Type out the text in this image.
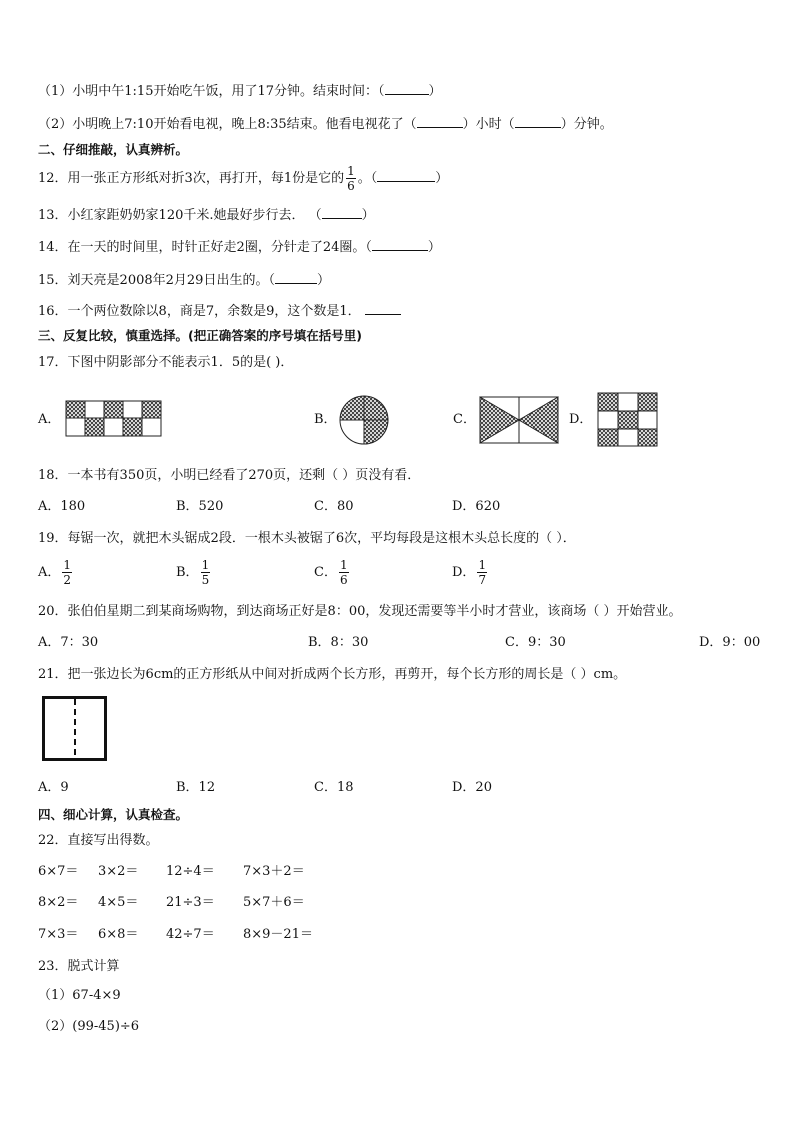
（1）小明中午1:15开始吃午饭，用了17分钟。结束时间：（	）
（2）小明晚上7:10开始看电视，晚上8:35结束。他看电视花了（	）小时（	）分钟。
二、仔细推敲，认真辨析。
12．用一张正方形纸对折3次，再打开，每1份是它的 $\frac{1}{6}$ 。（	）
13．小红家距奶奶家120千米.她最好步行去． （	）
14．在一天的时间里，时针正好走2圈，分针走了24圈。（	）
15．刘天亮是2008年2月29日出生的。（	）
16．一个两位数除以8，商是7，余数是9，这个数是1．
三、反复比较，慎重选择。(把正确答案的序号填在括号里)
17．下图中阴影部分不能表示1．5的是( )．
A．	B．	C．	D．
18．一本书有350页，小明已经看了270页，还剩（ ）页没有看．
A．180	B．520	C．80	D．620
19．每锯一次，就把木头锯成2段．一根木头被锯了6次，平均每段是这根木头总长度的（ ）．
A． $\frac{1}{2}$	B． $\frac{1}{5}$	C． $\frac{1}{6}$	D． $\frac{1}{7}$
20．张伯伯星期二到某商场购物，到达商场正好是8：00，发现还需要等半小时才营业，该商场（ ）开始营业。
A．7：30	B．8：30	C．9：30	D．9：00
21．把一张边长为6cm的正方形纸从中间对折成两个长方形，再剪开，每个长方形的周长是（ ）cm。
A．9	B．12	C．18	D．20
四、细心计算，认真检查。
22．直接写出得数。
6×7＝ 3×2＝ 12÷4＝ 7×3＋2＝
8×2＝ 4×5＝ 21÷3＝ 5×7＋6＝
7×3＝ 6×8＝ 42÷7＝ 8×9－21＝
23．脱式计算
（1）67-4×9
（2）(99-45)÷6
